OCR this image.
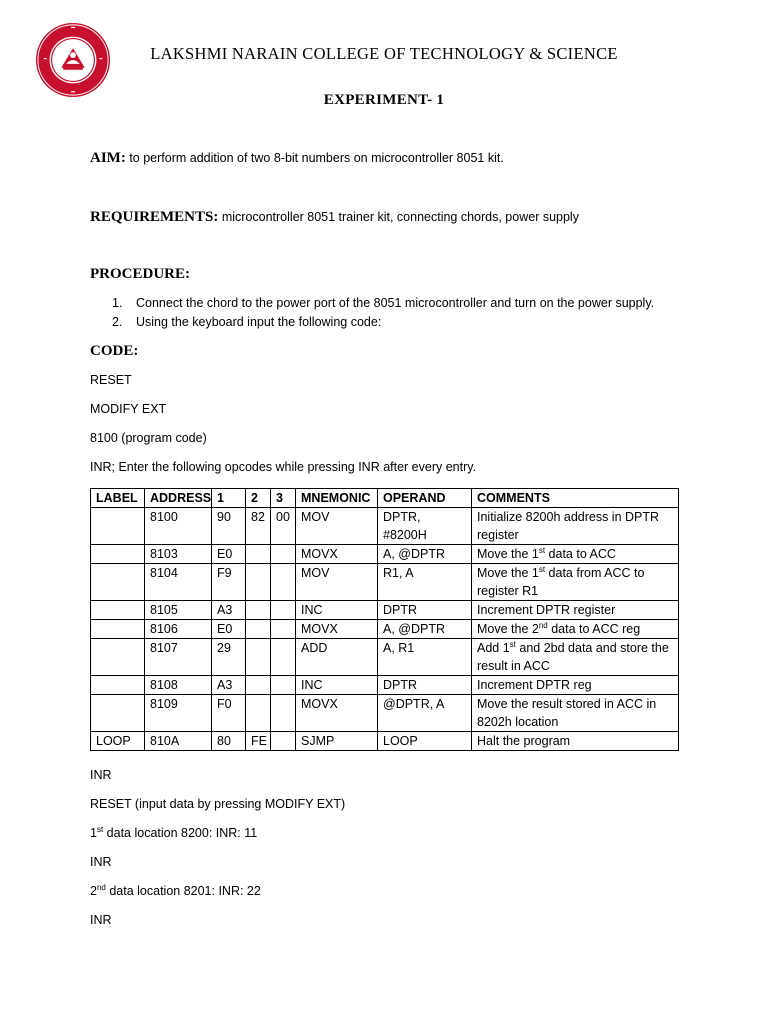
LAKSHMI NARAIN COLLEGE OF TECHNOLOGY & SCIENCE
EXPERIMENT- 1
AIM: to perform addition of two 8-bit numbers on microcontroller 8051 kit.
REQUIREMENTS: microcontroller 8051 trainer kit, connecting chords, power supply
PROCEDURE:
1. Connect the chord to the power port of the 8051 microcontroller and turn on the power supply.
2. Using the keyboard input the following code:
CODE:
RESET
MODIFY EXT
8100 (program code)
INR; Enter the following opcodes while pressing INR after every entry.
LABEL	ADDRESS	1	2	3	MNEMONIC	OPERAND	COMMENTS
	8100	90	82	00	MOV	DPTR, #8200H	Initialize 8200h address in DPTR register
	8103	E0			MOVX	A, @DPTR	Move the 1st data to ACC
	8104	F9			MOV	R1, A	Move the 1st data from ACC to register R1
	8105	A3			INC	DPTR	Increment DPTR register
	8106	E0			MOVX	A, @DPTR	Move the 2nd data to ACC reg
	8107	29			ADD	A, R1	Add 1st and 2bd data and store the result in ACC
	8108	A3			INC	DPTR	Increment DPTR reg
	8109	F0			MOVX	@DPTR, A	Move the result stored in ACC in 8202h location
LOOP	810A	80	FE		SJMP	LOOP	Halt the program
INR
RESET (input data by pressing MODIFY EXT)
1st data location 8200: INR: 11
INR
2nd data location 8201: INR: 22
INR
